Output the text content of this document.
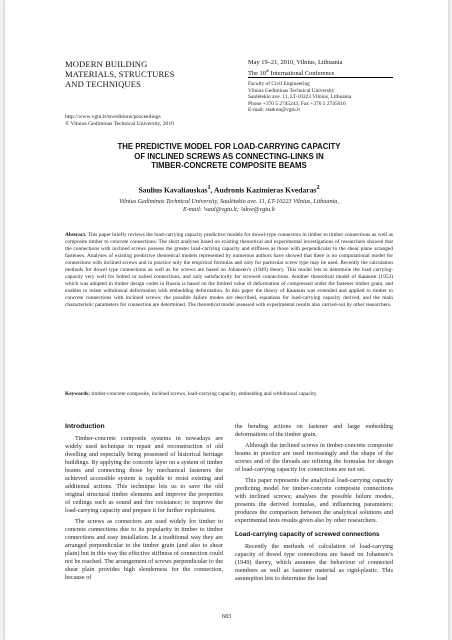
MODERN BUILDING
MATERIALS, STRUCTURES
AND TECHNIQUES
http://www.vgtu.lt/en/editions/proceedings
© Vilnius Gediminas Technical University, 2010
May 19–21, 2010, Vilnius, Lithuania
The 10th International Conference
Faculty of Civil Engineering
Vilnius Gediminas Technical University
Saulėtekio ave. 11, LT-10223 Vilnius, Lithuania
Phone +370 5 2745243, Fax +370 5 2745016
E-mail: statkon@vgtu.lt
THE PREDICTIVE MODEL FOR LOAD-CARRYING CAPACITY
OF INCLINED SCREWS AS CONNECTING-LINKS IN
TIMBER-CONCRETE COMPOSITE BEAMS
Saulius Kavaliauskas$^1$, Audronis Kazimieras Kvedaras$^2$
Vilnius Gediminas Technical University, Saulėtekio ave. 11, LT-10223 Vilnius, Lithuania,
E-mail: ¹saul@vgtu.lt; ²akve@vgtu.lt
Abstract. This paper briefly reviews the load-carrying capacity predictive models for dowel-type connectors in timber to timber connections as well as composite timber to concrete connections. The short analyses based on existing theoretical and experimental investigations of researchers showed that the connections with inclined screws possess the greater load-carrying capacity and stiffness as those with perpendicular to the shear plane arranged fasteners. Analyses of existing predictive theoretical models represented by numerous authors have showed that there is no computational model for connections with inclined screws and in practice only the empirical formulas and only for particular screw type may be used. Recently the calculation methods for dowel type connections as well as for screws are based on Johansen’s (1949) theory. This model lets to determine the load carrying-capacity very well for bolted or nailed connections, and only satisfactorily for screwed connections. Another theoretical model of Кашкин (1953) which was adopted in timber design codes in Russia is based on the limited value of deformation of compressed under the fastener timber grain, and enables to relate withdrawal deformation with embedding deformation. In this paper the theory of Кашкин was extended and applied to timber to concrete connections with inclined screws; the possible failure modes are described, equations for load-carrying capacity derived, and the main characteristic parameters for connection are determined. The theoretical model assessed with experimental results also carried-out by other researchers.
Keywords: timber-concrete composite, inclined screws, load-carrying capacity, embedding and withdrawal capacity.
Introduction

Timber-concrete composite systems in nowadays are widely used technique in repair and reconstruction of old dwelling and especially being possessed of historical heritage buildings. By applying the concrete layer on a system of timber beams and connecting those by mechanical fasteners the achieved accessible system is capable to resist existing and additional actions. This technique lets us to save the old original structural timber elements and improve the properties of ceilings such as sound and fire resistance; to improve the load-carrying capacity and prepare it for further exploitation.

The screws as connectors are used widely for timber to concrete connections due to its popularity in timber to timber connections and easy installation. In a traditional way they are arranged perpendicular to the timber grain (and also to shear plain) but in this way the effective stiffness of connection could not be reached. The arrangement of screws perpendicular to the shear plain provides high slenderness for the connection, because of

the bending actions on fastener and large embedding deformations of the timber grain.

Although the inclined screws in timber-concrete composite beams in practice are used increasingly and the shape of the screws and of the threads are refining the formulas for design of load-carrying capacity for connections are not set.

This paper represents the analytical load-carrying capacity predicting model for timber-concrete composite connections with inclined screws; analyses the possible failure modes, presents the derived formulas, and influencing parameters; produces the comparison between the analytical solutions and experimental tests results given also by other researchers.

Load-carrying capacity of screwed connections

Recently the methods of calculation of load-carrying capacity of dowel type connections are based on Johansen’s (1949) theory, which assumes the behaviour of connected members as well as fastener material as rigid-plastic. This assumption lets to determine the load

683
